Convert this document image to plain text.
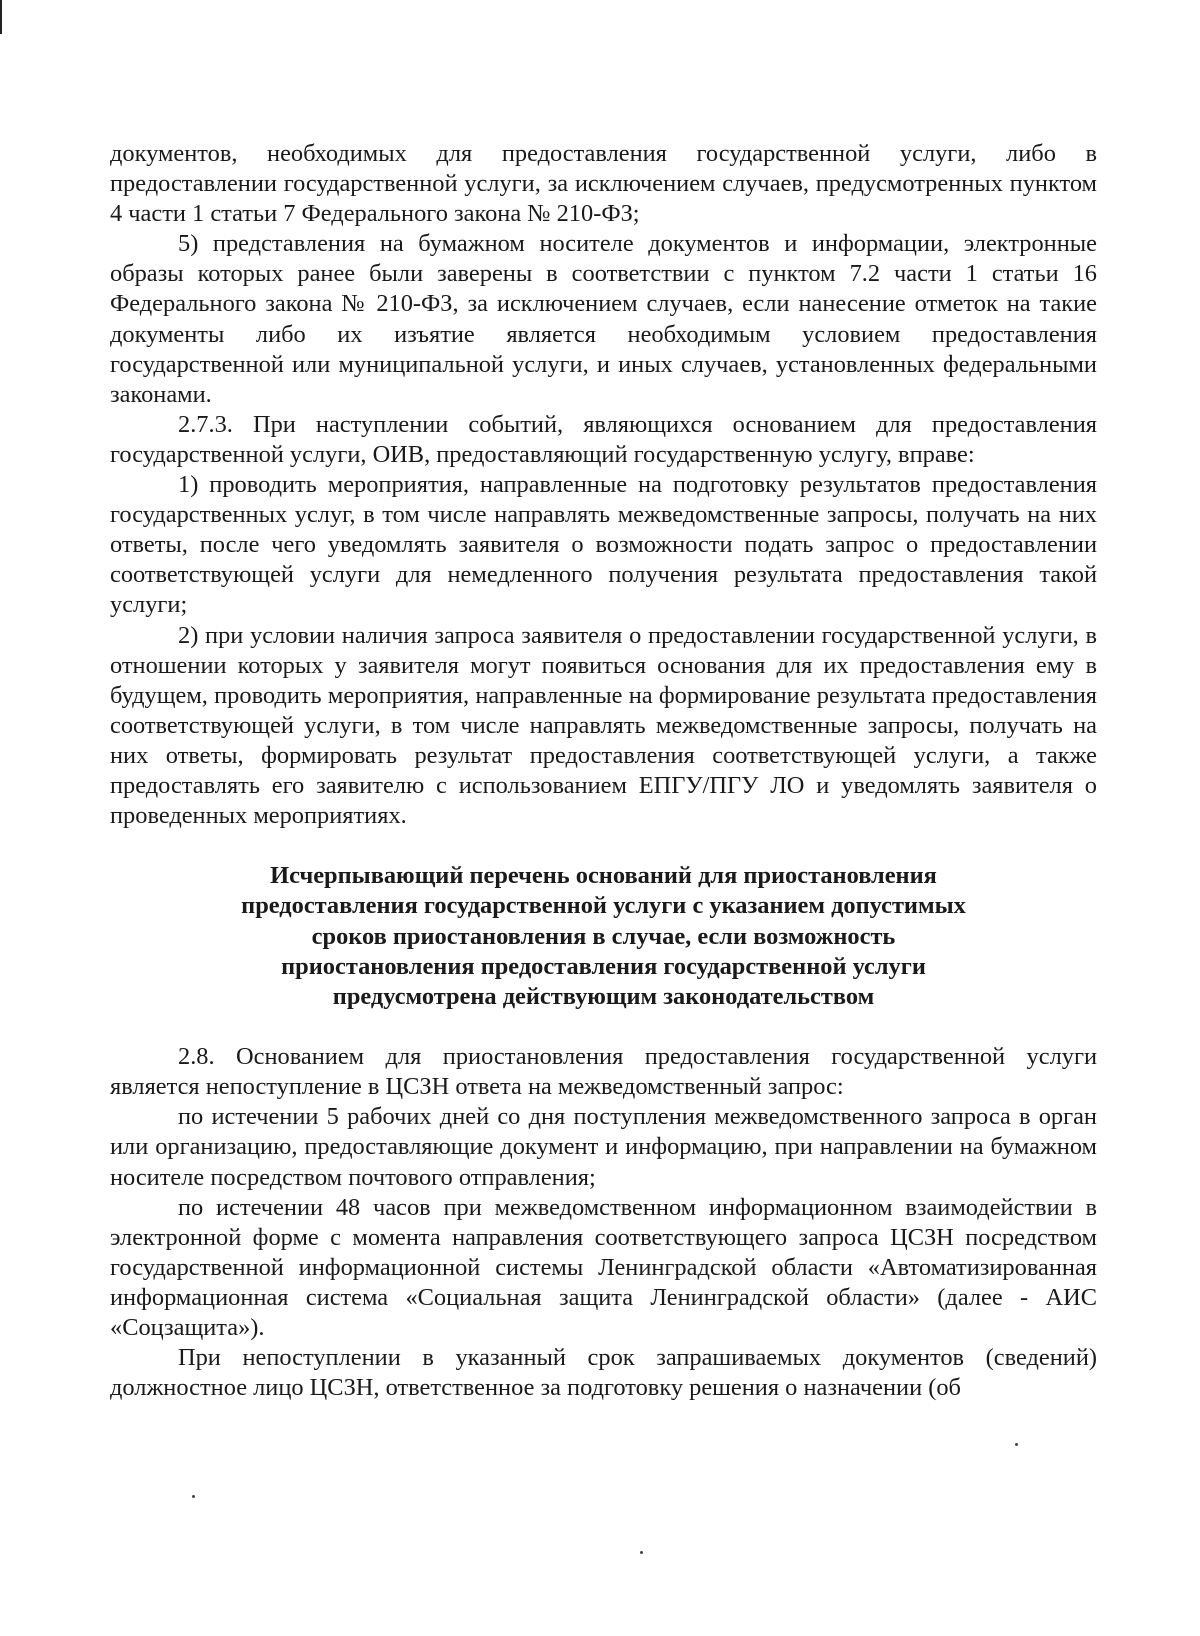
документов, необходимых для предоставления государственной услуги, либо в предоставлении государственной услуги, за исключением случаев, предусмотренных пунктом 4 части 1 статьи 7 Федерального закона № 210-ФЗ;

5) представления на бумажном носителе документов и информации, электронные образы которых ранее были заверены в соответствии с пунктом 7.2 части 1 статьи 16 Федерального закона № 210-ФЗ, за исключением случаев, если нанесение отметок на такие документы либо их изъятие является необходимым условием предоставления государственной или муниципальной услуги, и иных случаев, установленных федеральными законами.

2.7.3. При наступлении событий, являющихся основанием для предоставления государственной услуги, ОИВ, предоставляющий государственную услугу, вправе:

1) проводить мероприятия, направленные на подготовку результатов предоставления государственных услуг, в том числе направлять межведомственные запросы, получать на них ответы, после чего уведомлять заявителя о возможности подать запрос о предоставлении соответствующей услуги для немедленного получения результата предоставления такой услуги;

2) при условии наличия запроса заявителя о предоставлении государственной услуги, в отношении которых у заявителя могут появиться основания для их предоставления ему в будущем, проводить мероприятия, направленные на формирование результата предоставления соответствующей услуги, в том числе направлять межведомственные запросы, получать на них ответы, формировать результат предоставления соответствующей услуги, а также предоставлять его заявителю с использованием ЕПГУ/ПГУ ЛО и уведомлять заявителя о проведенных мероприятиях.

Исчерпывающий перечень оснований для приостановления
предоставления государственной услуги с указанием допустимых
сроков приостановления в случае, если возможность
приостановления предоставления государственной услуги
предусмотрена действующим законодательством

2.8. Основанием для приостановления предоставления государственной услуги является непоступление в ЦСЗН ответа на межведомственный запрос:

по истечении 5 рабочих дней со дня поступления межведомственного запроса в орган или организацию, предоставляющие документ и информацию, при направлении на бумажном носителе посредством почтового отправления;

по истечении 48 часов при межведомственном информационном взаимодействии в электронной форме с момента направления соответствующего запроса ЦСЗН посредством государственной информационной системы Ленинградской области «Автоматизированная информационная система «Социальная защита Ленинградской области» (далее - АИС «Соцзащита»).

При непоступлении в указанный срок запрашиваемых документов (сведений) должностное лицо ЦСЗН, ответственное за подготовку решения о назначении (об
